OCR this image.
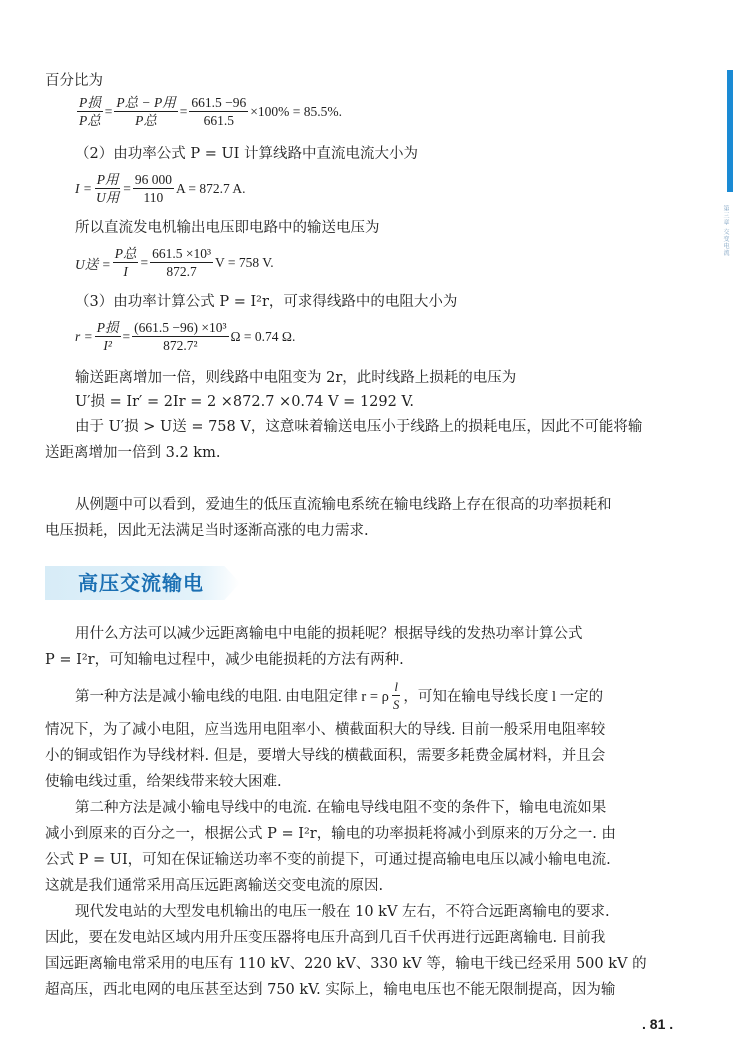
第三章 交变电流
百分比为
$\frac{\text{P损}}{\text{P总}} = \frac{\text{P总 − P用}}{\text{P总}} = \frac{661.5 -96}{661.5} \times 100\% = 85.5\%$.
（2）由功率公式 P = UI 计算线路中直流电流大小为
$I = \frac{\text{P用}}{\text{U用}} = \frac{96 000}{110}$ A = 872.7 A.
所以直流发电机输出电压即电路中的输送电压为
U送 = $\frac{\text{P总}}{I} = \frac{\text{661.5 ×10³}}{872.7}$ V = 758 V.
（3）由功率计算公式 P = I²r，可求得线路中的电阻大小为
$r = \frac{\text{P损}}{\text{I²}} = \frac{\text{(661.5 −96) ×10³}}{\text{872.7²}}$ Ω = 0.74 Ω.
输送距离增加一倍，则线路中电阻变为 2r，此时线路上损耗的电压为
U′损 = Ir′ = 2Ir = 2 ×872.7 ×0.74 V = 1292 V.
由于 U′损 > U送 = 758 V，这意味着输送电压小于线路上的损耗电压，因此不可能将输
送距离增加一倍到 3.2 km.
从例题中可以看到，爱迪生的低压直流输电系统在输电线路上存在很高的功率损耗和
电压损耗，因此无法满足当时逐渐高涨的电力需求.
高压交流输电
用什么方法可以减少远距离输电中电能的损耗呢？根据导线的发热功率计算公式
P = I²r，可知输电过程中，减少电能损耗的方法有两种.
第一种方法是减小输电线的电阻. 由电阻定律 r = ρ $\frac{l}{S}$ ，可知在输电导线长度 l 一定的
情况下，为了减小电阻，应当选用电阻率小、横截面积大的导线. 目前一般采用电阻率较
小的铜或铝作为导线材料. 但是，要增大导线的横截面积，需要多耗费金属材料，并且会
使输电线过重，给架线带来较大困难.
第二种方法是减小输电导线中的电流. 在输电导线电阻不变的条件下，输电电流如果
减小到原来的百分之一，根据公式 P = I²r，输电的功率损耗将减小到原来的万分之一. 由
公式 P = UI，可知在保证输送功率不变的前提下，可通过提高输电电压以减小输电电流.
这就是我们通常采用高压远距离输送交变电流的原因.
现代发电站的大型发电机输出的电压一般在 10 kV 左右，不符合远距离输电的要求.
因此，要在发电站区域内用升压变压器将电压升高到几百千伏再进行远距离输电. 目前我
国远距离输电常采用的电压有 110 kV、220 kV、330 kV 等，输电干线已经采用 500 kV 的
超高压，西北电网的电压甚至达到 750 kV. 实际上，输电电压也不能无限制提高，因为输
. 81 .
